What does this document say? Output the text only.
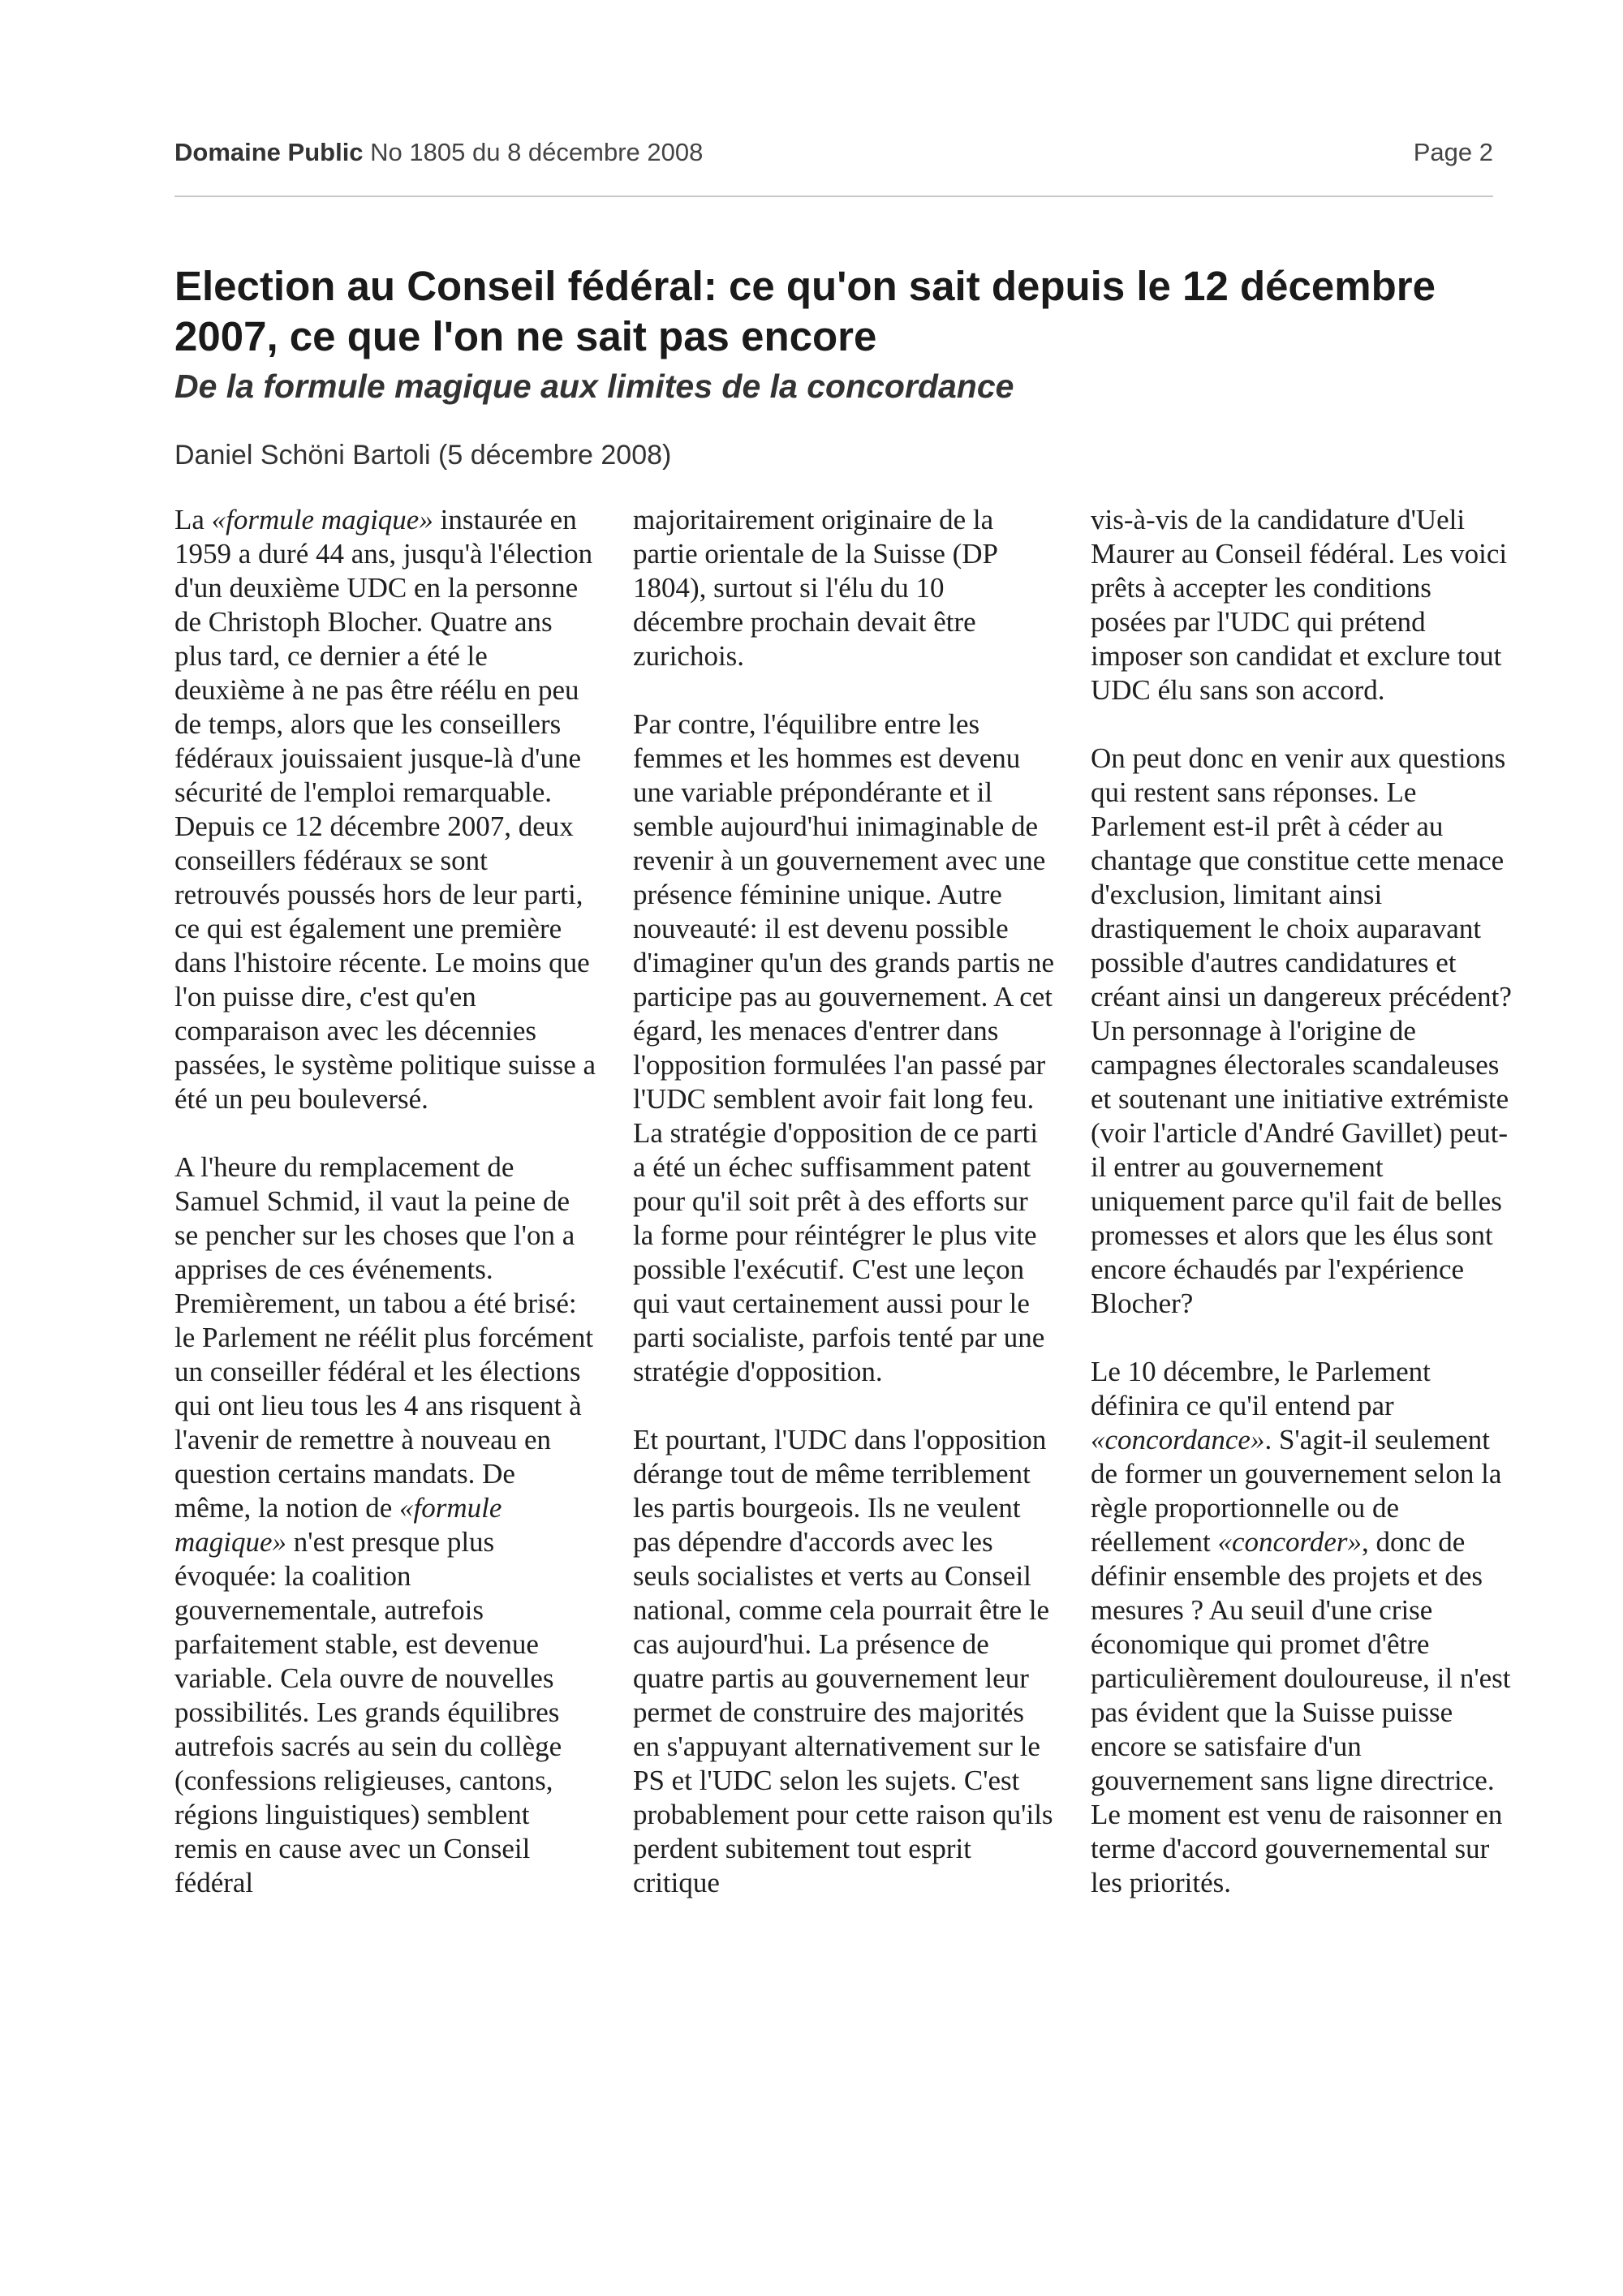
Domaine Public No 1805 du 8 décembre 2008	Page 2
Election au Conseil fédéral: ce qu'on sait depuis le 12 décembre 2007, ce que l'on ne sait pas encore
De la formule magique aux limites de la concordance
Daniel Schöni Bartoli (5 décembre 2008)

La «formule magique» instaurée en 1959 a duré 44 ans, jusqu'à l'élection d'un deuxième UDC en la personne de Christoph Blocher. Quatre ans plus tard, ce dernier a été le deuxième à ne pas être réélu en peu de temps, alors que les conseillers fédéraux jouissaient jusque-là d'une sécurité de l'emploi remarquable. Depuis ce 12 décembre 2007, deux conseillers fédéraux se sont retrouvés poussés hors de leur parti, ce qui est également une première dans l'histoire récente. Le moins que l'on puisse dire, c'est qu'en comparaison avec les décennies passées, le système politique suisse a été un peu bouleversé.

A l'heure du remplacement de Samuel Schmid, il vaut la peine de se pencher sur les choses que l'on a apprises de ces événements. Premièrement, un tabou a été brisé: le Parlement ne réélit plus forcément un conseiller fédéral et les élections qui ont lieu tous les 4 ans risquent à l'avenir de remettre à nouveau en question certains mandats. De même, la notion de «formule magique» n'est presque plus évoquée: la coalition gouvernementale, autrefois parfaitement stable, est devenue variable. Cela ouvre de nouvelles possibilités. Les grands équilibres autrefois sacrés au sein du collège (confessions religieuses, cantons, régions linguistiques) semblent remis en cause avec un Conseil fédéral

majoritairement originaire de la partie orientale de la Suisse (DP 1804), surtout si l'élu du 10 décembre prochain devait être zurichois.

Par contre, l'équilibre entre les femmes et les hommes est devenu une variable prépondérante et il semble aujourd'hui inimaginable de revenir à un gouvernement avec une présence féminine unique. Autre nouveauté: il est devenu possible d'imaginer qu'un des grands partis ne participe pas au gouvernement. A cet égard, les menaces d'entrer dans l'opposition formulées l'an passé par l'UDC semblent avoir fait long feu. La stratégie d'opposition de ce parti a été un échec suffisamment patent pour qu'il soit prêt à des efforts sur la forme pour réintégrer le plus vite possible l'exécutif. C'est une leçon qui vaut certainement aussi pour le parti socialiste, parfois tenté par une stratégie d'opposition.

Et pourtant, l'UDC dans l'opposition dérange tout de même terriblement les partis bourgeois. Ils ne veulent pas dépendre d'accords avec les seuls socialistes et verts au Conseil national, comme cela pourrait être le cas aujourd'hui. La présence de quatre partis au gouvernement leur permet de construire des majorités en s'appuyant alternativement sur le PS et l'UDC selon les sujets. C'est probablement pour cette raison qu'ils perdent subitement tout esprit critique

vis-à-vis de la candidature d'Ueli Maurer au Conseil fédéral. Les voici prêts à accepter les conditions posées par l'UDC qui prétend imposer son candidat et exclure tout UDC élu sans son accord.

On peut donc en venir aux questions qui restent sans réponses. Le Parlement est-il prêt à céder au chantage que constitue cette menace d'exclusion, limitant ainsi drastiquement le choix auparavant possible d'autres candidatures et créant ainsi un dangereux précédent? Un personnage à l'origine de campagnes électorales scandaleuses et soutenant une initiative extrémiste (voir l'article d'André Gavillet) peut-il entrer au gouvernement uniquement parce qu'il fait de belles promesses et alors que les élus sont encore échaudés par l'expérience Blocher?

Le 10 décembre, le Parlement définira ce qu'il entend par «concordance». S'agit-il seulement de former un gouvernement selon la règle proportionnelle ou de réellement «concorder», donc de définir ensemble des projets et des mesures ? Au seuil d'une crise économique qui promet d'être particulièrement douloureuse, il n'est pas évident que la Suisse puisse encore se satisfaire d'un gouvernement sans ligne directrice. Le moment est venu de raisonner en terme d'accord gouvernemental sur les priorités.
